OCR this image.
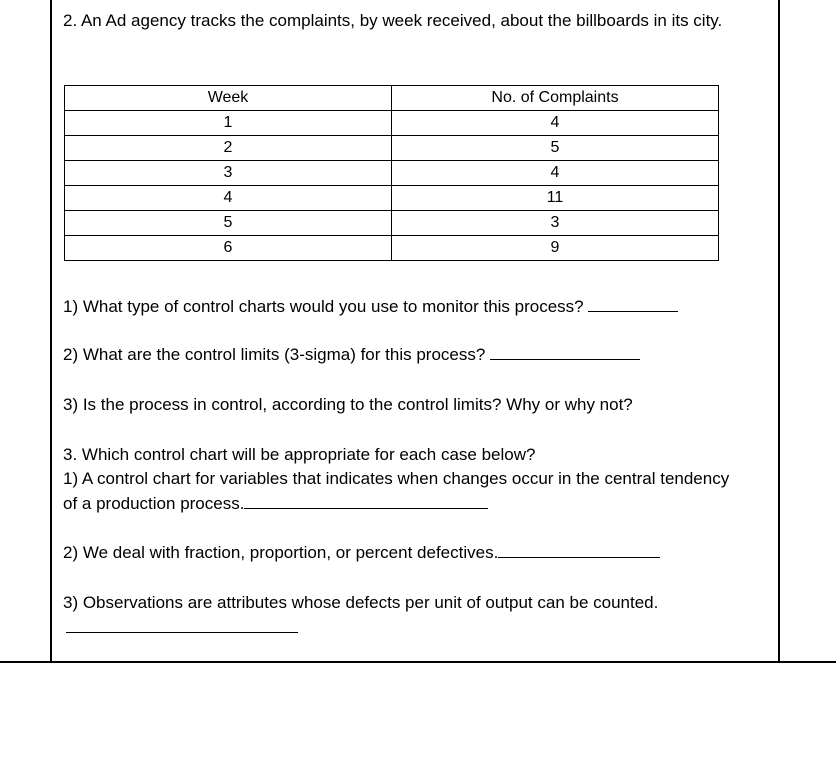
2. An Ad agency tracks the complaints, by week received, about the billboards in its city.

Week	No. of Complaints
1	4
2	5
3	4
4	11
5	3
6	9
1) What type of control charts would you use to monitor this process?
2) What are the control limits (3-sigma) for this process?
3) Is the process in control, according to the control limits? Why or why not?
3. Which control chart will be appropriate for each case below?
1) A control chart for variables that indicates when changes occur in the central tendency of a production process.
2) We deal with fraction, proportion, or percent defectives.
3) Observations are attributes whose defects per unit of output can be counted.
